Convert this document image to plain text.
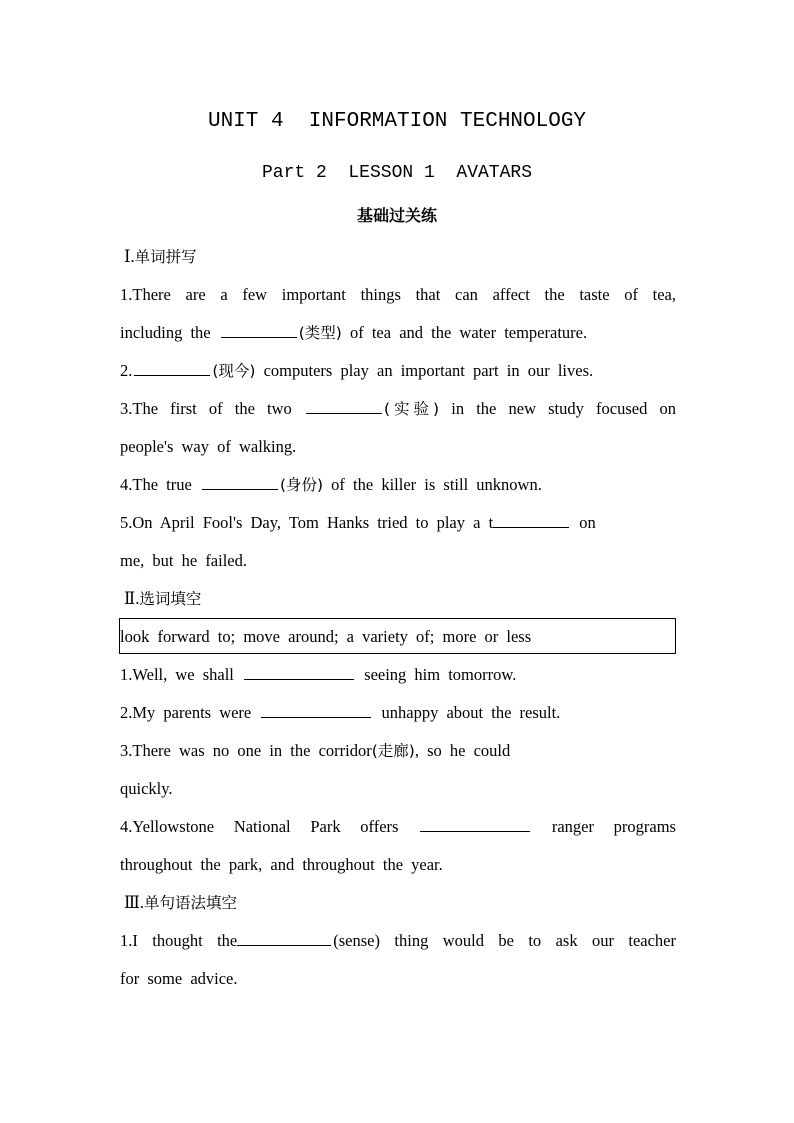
UNIT 4  INFORMATION TECHNOLOGY
Part 2  LESSON 1  AVATARS
基础过关练
Ⅰ.单词拼写
1.There are a few important things that can affect the taste of tea,
including the	(类型) of tea and the water temperature.
2.	(现今) computers play an important part in our lives.
3.The first of the two	(实验) in the new study focused on
people's way of walking.
4.The true	(身份) of the killer is still unknown.
5.On April Fool's Day, Tom Hanks tried to play a t	on
me, but he failed.
Ⅱ.选词填空
look forward to; move around; a variety of; more or less
1.Well, we shall	seeing him tomorrow.
2.My parents were	unhappy about the result.
3.There was no one in the corridor(走廊), so he could
quickly.
4.Yellowstone National Park offers	ranger programs
throughout the park, and throughout the year.
Ⅲ.单句语法填空
1.I thought the	(sense) thing would be to ask our teacher
for some advice.
